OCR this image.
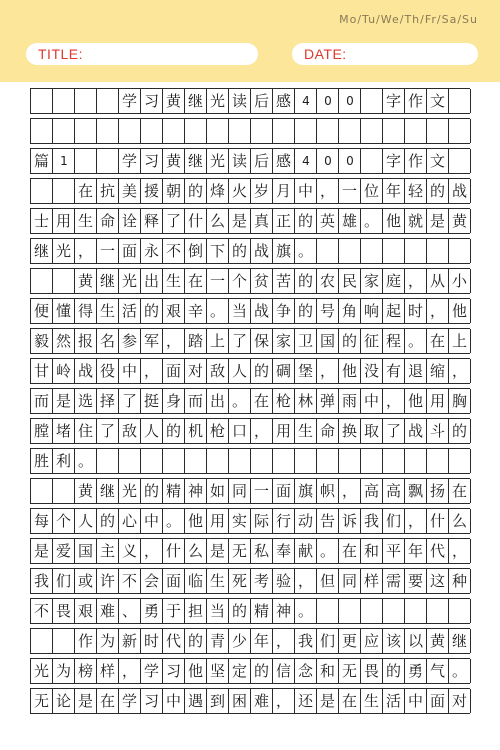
Mo/Tu/We/Th/Fr/Sa/Su
TITLE:	DATE:
学 习 黄 继 光 读 后 感 4	0	0	字 作 文
篇 1	学 习 黄 继 光 读 后 感 4	0	0	字 作 文
在 抗 美 援 朝 的 烽 火 岁 月 中 ， 一 位 年 轻 的 战
士 用 生 命 诠 释 了 什 么 是 真 正 的 英 雄 。 他 就 是 黄
继 光 ， 一 面 永 不 倒 下 的 战 旗 。
黄 继 光 出 生 在 一 个 贫 苦 的 农 民 家 庭 ， 从 小
便 懂 得 生 活 的 艰 辛 。 当 战 争 的 号 角 响 起 时 ， 他
毅 然 报 名 参 军 ， 踏 上 了 保 家 卫 国 的 征 程 。 在 上
甘 岭 战 役 中 ， 面 对 敌 人 的 碉 堡 ， 他 没 有 退 缩 ，
而 是 选 择 了 挺 身 而 出 。 在 枪 林 弹 雨 中 ， 他 用 胸
膛 堵 住 了 敌 人 的 机 枪 口 ， 用 生 命 换 取 了 战 斗 的
胜 利 。
黄 继 光 的 精 神 如 同 一 面 旗 帜 ， 高 高 飘 扬 在
每 个 人 的 心 中 。 他 用 实 际 行 动 告 诉 我 们 ， 什 么
是 爱 国 主 义 ， 什 么 是 无 私 奉 献 。 在 和 平 年 代 ，
我 们 或 许 不 会 面 临 生 死 考 验 ， 但 同 样 需 要 这 种
不 畏 艰 难 、 勇 于 担 当 的 精 神 。
作 为 新 时 代 的 青 少 年 ， 我 们 更 应 该 以 黄 继
光 为 榜 样 ， 学 习 他 坚 定 的 信 念 和 无 畏 的 勇 气 。
无 论 是 在 学 习 中 遇 到 困 难 ， 还 是 在 生 活 中 面 对
